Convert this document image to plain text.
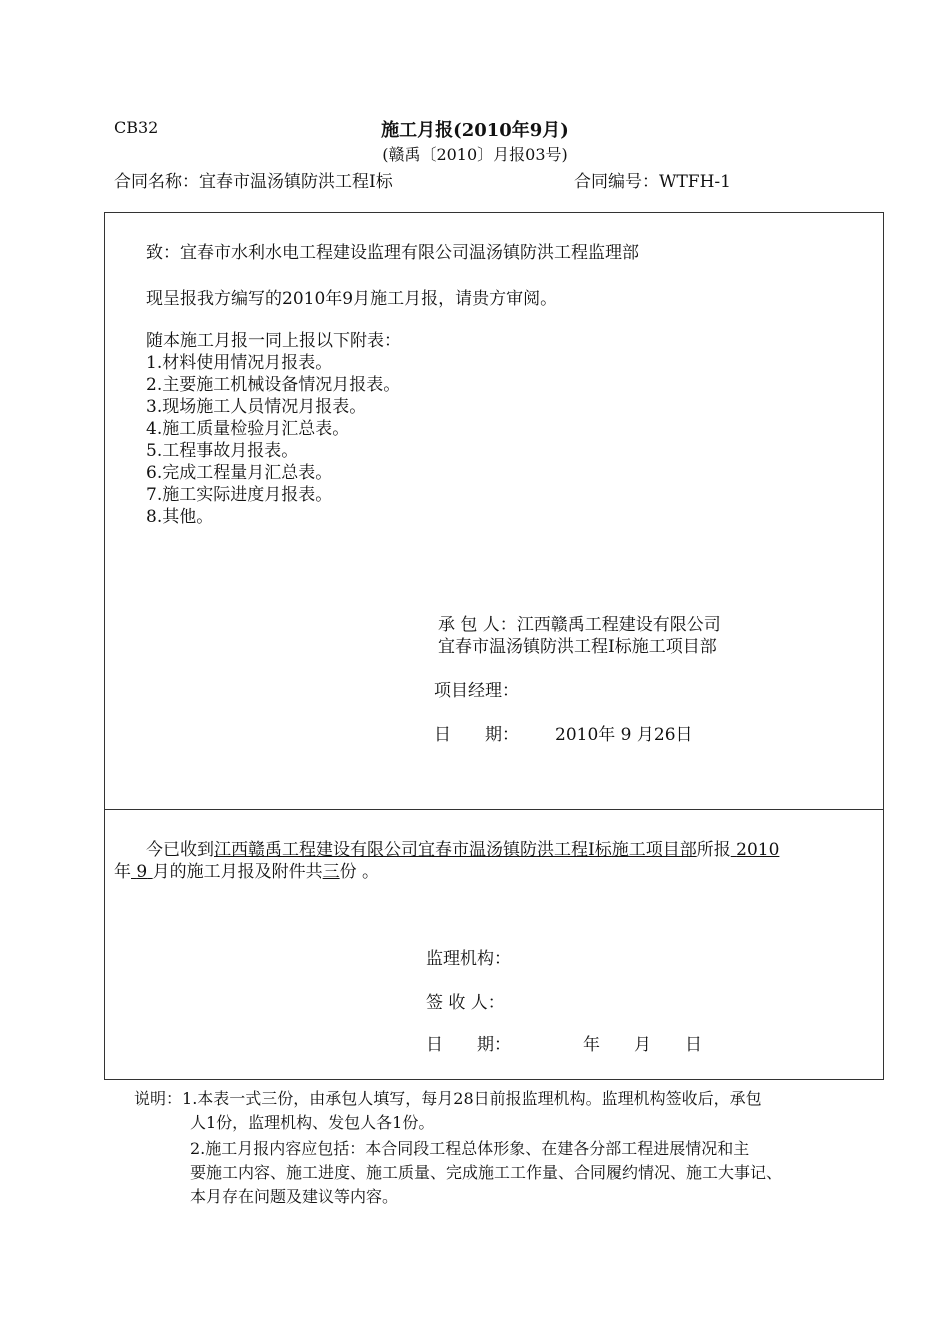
CB32	施工月报(2010年9月)
(赣禹〔2010〕月报03号)
合同名称：宜春市温汤镇防洪工程Ⅰ标	合同编号：WTFH-1
致：宜春市水利水电工程建设监理有限公司温汤镇防洪工程监理部
现呈报我方编写的2010年9月施工月报，请贵方审阅。
随本施工月报一同上报以下附表：
1.材料使用情况月报表。
2.主要施工机械设备情况月报表。
3.现场施工人员情况月报表。
4.施工质量检验月汇总表。
5.工程事故月报表。
6.完成工程量月汇总表。
7.施工实际进度月报表。
8.其他。
承 包 人：江西赣禹工程建设有限公司
宜春市温汤镇防洪工程Ⅰ标施工项目部
项目经理：
日　　期： 2010年 9 月26日
今已收到江西赣禹工程建设有限公司宜春市温汤镇防洪工程Ⅰ标施工项目部所报 2010
年 9 月的施工月报及附件共三份 。
监理机构：
签 收 人：
日　　期：	年　　月　　日
说明：1.本表一式三份，由承包人填写，每月28日前报监理机构。监理机构签收后，承包
人1份，监理机构、发包人各1份。
2.施工月报内容应包括：本合同段工程总体形象、在建各分部工程进展情况和主
要施工内容、施工进度、施工质量、完成施工工作量、合同履约情况、施工大事记、
本月存在问题及建议等内容。
